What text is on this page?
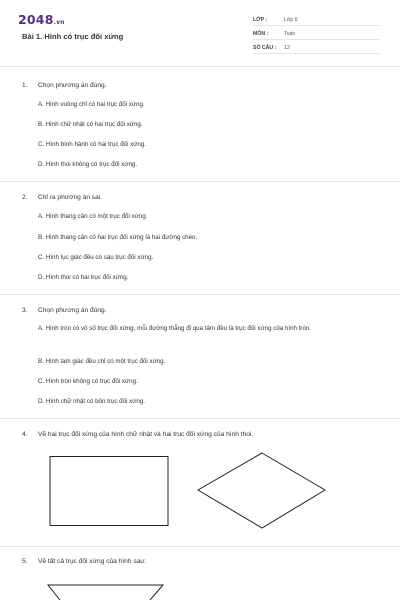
2048.vn
Bài 1. Hình có trục đối xứng
LỚP :	Lớp 6
MÔN :	Toán
SỐ CÂU : 12
1. Chọn phương án đúng.
A. Hình vuông chỉ có hai trục đối xứng.
B. Hình chữ nhật có hai trục đối xứng.
C. Hình bình hành có hai trục đối xứng.
D. Hình thoi không có trục đối xứng.
2. Chỉ ra phương án sai.
A. Hình thang cân có một trục đối xứng.
B. Hình thang cân có hai trục đối xứng là hai đường chéo.
C. Hình lục giác đều có sáu trục đối xứng.
D. Hình thoi có hai trục đối xứng.
3. Chọn phương án đúng.
A. Hình tròn có vô số trục đối xứng, mỗi đường thẳng đi qua tâm đều là trục đối xứng của hình tròn.
B. Hình tam giác đều chỉ có một trục đối xứng.
C. Hình tròn không có trục đối xứng.
D. Hình chữ nhật có bốn trục đối xứng.
4. Vẽ hai trục đối xứng của hình chữ nhật và hai trục đối xứng của hình thoi.
5. Vẽ tất cả trục đối xứng của hình sau:
